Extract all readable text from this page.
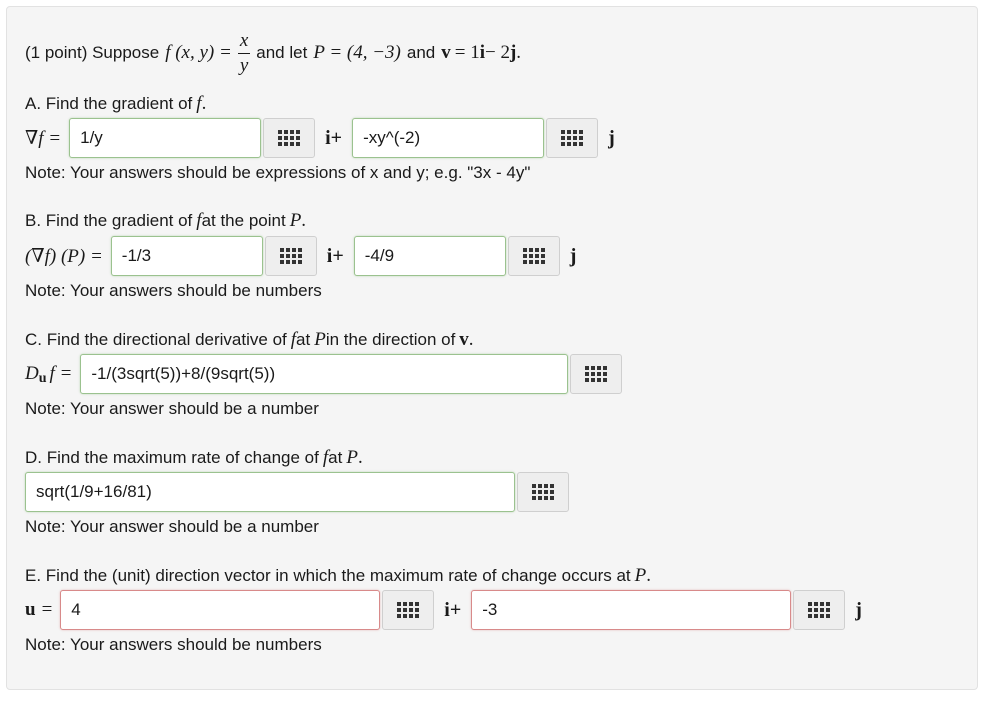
(1 point) Suppose f (x, $y) = \frac{x}{y}$ and let P = (4, −3) and v = 1 i − 2 j .
A. Find the gradient of f .
∇f =
1/y	i+
-xy^(-2)	j
Note: Your answers should be expressions of x and y; e.g. "3x - 4y"
B. Find the gradient of f at the point P .
(∇f) (P) =
-1/3	i+
-4/9	j
Note: Your answers should be numbers
C. Find the directional derivative of f at P in the direction of v .
D u f =
-1/(3sqrt(5))+8/(9sqrt(5))
Note: Your answer should be a number
D. Find the maximum rate of change of f at P .
sqrt(1/9+16/81)
Note: Your answer should be a number
E. Find the (unit) direction vector in which the maximum rate of change occurs at P .
u =
4	i+
-3	j
Note: Your answers should be numbers
